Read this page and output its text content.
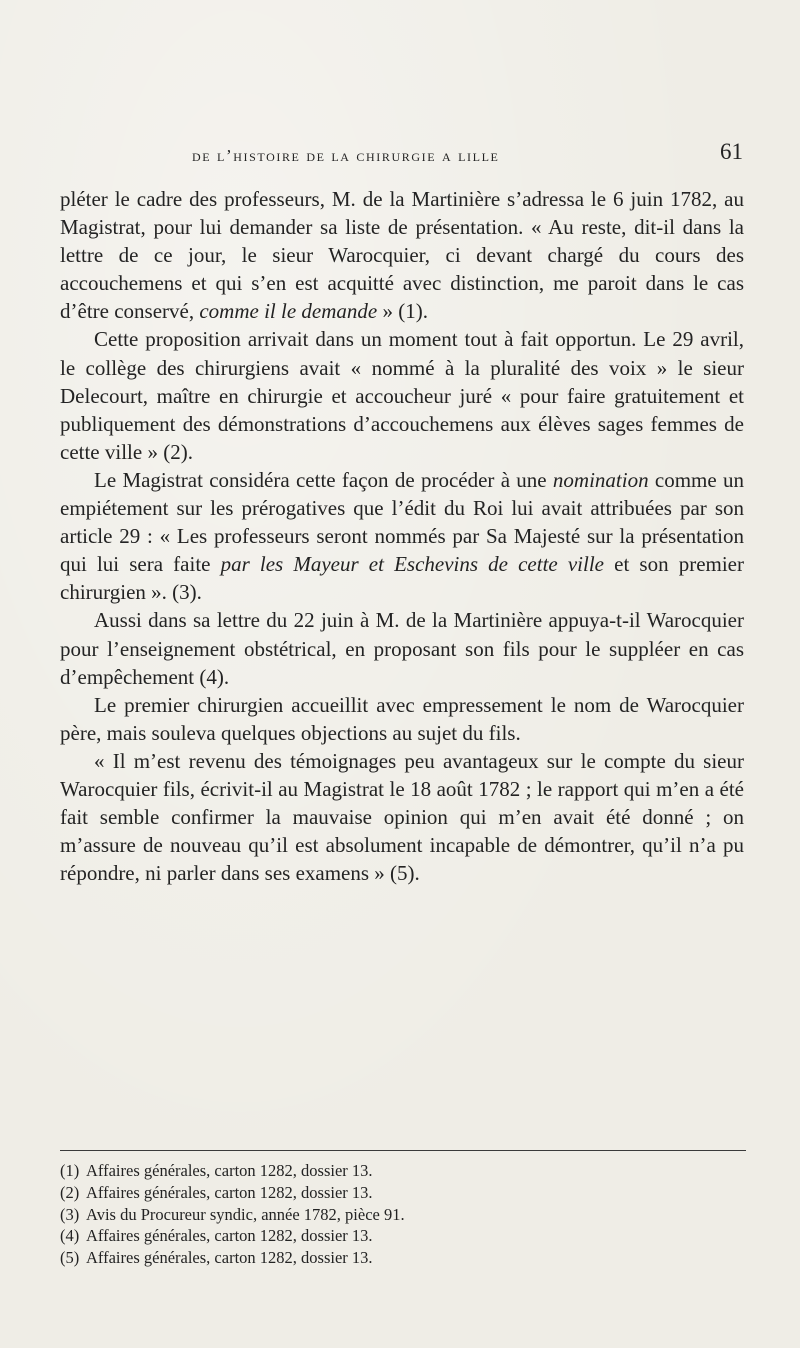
de l’histoire de la chirurgie a lille	61

pléter le cadre des professeurs, M. de la Martinière s’adressa le 6 juin 1782, au Magistrat, pour lui demander sa liste de présentation. « Au reste, dit-il dans la lettre de ce jour, le sieur Warocquier, ci devant chargé du cours des accouchemens et qui s’en est acquitté avec distinction, me paroit dans le cas d’être conservé, comme il le demande » (1).

Cette proposition arrivait dans un moment tout à fait opportun. Le 29 avril, le collège des chirurgiens avait « nommé à la pluralité des voix » le sieur Delecourt, maître en chirurgie et accoucheur juré « pour faire gratuitement et publiquement des démonstrations d’accouchemens aux élèves sages femmes de cette ville » (2).

Le Magistrat considéra cette façon de procéder à une nomination comme un empiétement sur les prérogatives que l’édit du Roi lui avait attribuées par son article 29 : « Les professeurs seront nommés par Sa Majesté sur la présentation qui lui sera faite par les Mayeur et Eschevins de cette ville et son premier chirurgien ». (3).

Aussi dans sa lettre du 22 juin à M. de la Martinière appuya-t-il Warocquier pour l’enseignement obstétrical, en proposant son fils pour le suppléer en cas d’empêchement (4).

Le premier chirurgien accueillit avec empressement le nom de Warocquier père, mais souleva quelques objections au sujet du fils.

« Il m’est revenu des témoignages peu avantageux sur le compte du sieur Warocquier fils, écrivit-il au Magistrat le 18 août 1782 ; le rapport qui m’en a été fait semble confirmer la mauvaise opinion qui m’en avait été donné ; on m’assure de nouveau qu’il est absolument incapable de démontrer, qu’il n’a pu répondre, ni parler dans ses examens » (5).

(1) Affaires générales, carton 1282, dossier 13.
(2) Affaires générales, carton 1282, dossier 13.
(3) Avis du Procureur syndic, année 1782, pièce 91.
(4) Affaires générales, carton 1282, dossier 13.
(5) Affaires générales, carton 1282, dossier 13.
